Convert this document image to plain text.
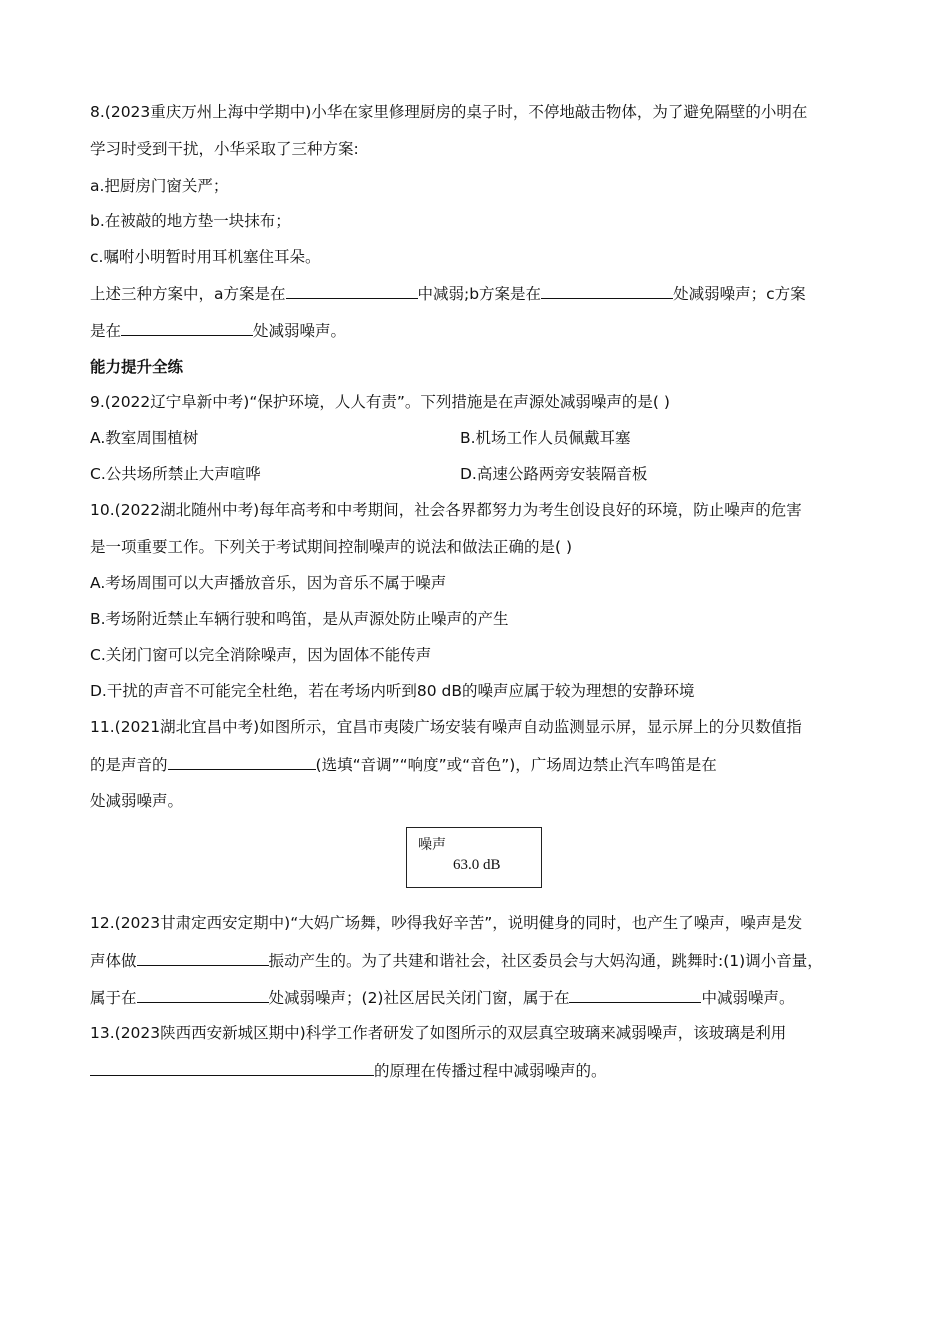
8.(2023重庆万州上海中学期中)小华在家里修理厨房的桌子时，不停地敲击物体，为了避免隔壁的小明在
学习时受到干扰，小华采取了三种方案:
a.把厨房门窗关严；
b.在被敲的地方垫一块抹布；
c.嘱咐小明暂时用耳机塞住耳朵。
上述三种方案中，a方案是在	中减弱;b方案是在	处减弱噪声；c方案
是在	处减弱噪声。
能力提升全练
9.(2022辽宁阜新中考)“保护环境，人人有责”。下列措施是在声源处减弱噪声的是( )
A.教室周围植树	B.机场工作人员佩戴耳塞
C.公共场所禁止大声喧哗	D.高速公路两旁安装隔音板
10.(2022湖北随州中考)每年高考和中考期间，社会各界都努力为考生创设良好的环境，防止噪声的危害
是一项重要工作。下列关于考试期间控制噪声的说法和做法正确的是( )
A.考场周围可以大声播放音乐，因为音乐不属于噪声
B.考场附近禁止车辆行驶和鸣笛，是从声源处防止噪声的产生
C.关闭门窗可以完全消除噪声，因为固体不能传声
D.干扰的声音不可能完全杜绝，若在考场内听到80 dB的噪声应属于较为理想的安静环境
11.(2021湖北宜昌中考)如图所示，宜昌市夷陵广场安装有噪声自动监测显示屏，显示屏上的分贝数值指
的是声音的	(选填“音调”“响度”或“音色”)，广场周边禁止汽车鸣笛是在
处减弱噪声。
噪声
63.0 dB
12.(2023甘肃定西安定期中)“大妈广场舞，吵得我好辛苦”，说明健身的同时，也产生了噪声，噪声是发
声体做	振动产生的。为了共建和谐社会，社区委员会与大妈沟通，跳舞时:(1)调小音量，
属于在	处减弱噪声；(2)社区居民关闭门窗，属于在	中减弱噪声。
13.(2023陕西西安新城区期中)科学工作者研发了如图所示的双层真空玻璃来减弱噪声，该玻璃是利用
的原理在传播过程中减弱噪声的。
